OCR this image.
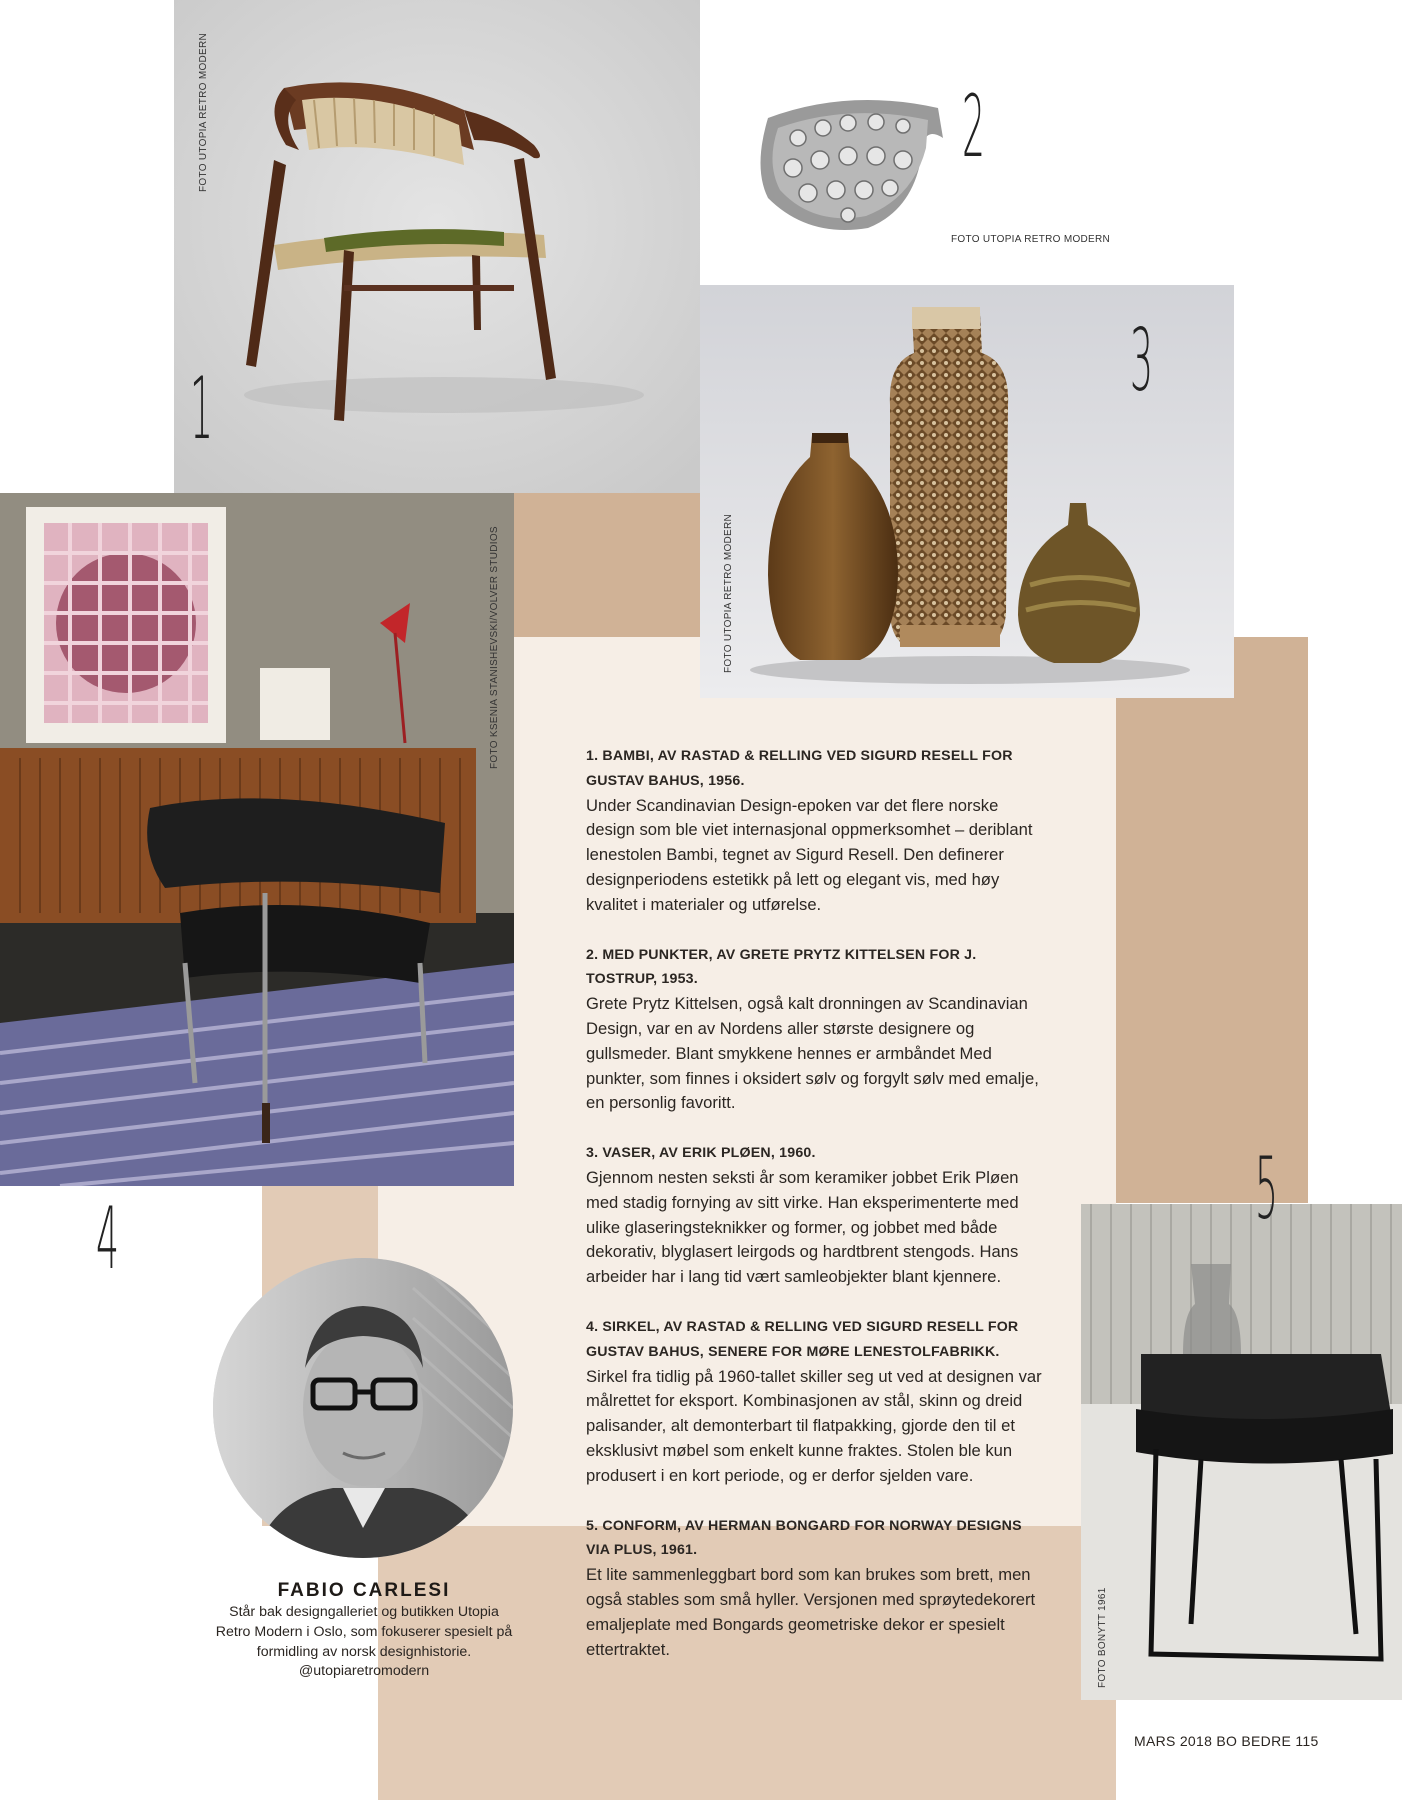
FOTO UTOPIA RETRO MODERN
1
2
FOTO UTOPIA RETRO MODERN
3
FOTO UTOPIA RETRO MODERN
FOTO KSENIA STANISHEVSKI/VOLVER STUDIOS
4	5
FOTO BONYTT 1961
1. BAMBI, AV RASTAD & RELLING VED SIGURD RESELL FOR GUSTAV BAHUS, 1956.
Under Scandinavian Design-epoken var det flere norske design som ble viet internasjonal oppmerksomhet – deriblant lenestolen Bambi, tegnet av Sigurd Resell. Den definerer designperiodens estetikk på lett og elegant vis, med høy kvalitet i materialer og utførelse.
2. MED PUNKTER, AV GRETE PRYTZ KITTELSEN FOR J. TOSTRUP, 1953.
Grete Prytz Kittelsen, også kalt dronningen av Scandinavian Design, var en av Nordens aller største designere og gullsmeder. Blant smykkene hennes er armbåndet Med punkter, som finnes i oksidert sølv og forgylt sølv med emalje, en personlig favoritt.
3. VASER, AV ERIK PLØEN, 1960.
Gjennom nesten seksti år som keramiker jobbet Erik Pløen med stadig fornying av sitt virke. Han eksperimenterte med ulike glaseringsteknikker og former, og jobbet med både dekorativ, blyglasert leirgods og hardtbrent stengods. Hans arbeider har i lang tid vært samleobjekter blant kjennere.
4. SIRKEL, AV RASTAD & RELLING VED SIGURD RESELL FOR GUSTAV BAHUS, SENERE FOR MØRE LENESTOLFABRIKK.
Sirkel fra tidlig på 1960-tallet skiller seg ut ved at designen var målrettet for eksport. Kombinasjonen av stål, skinn og dreid palisander, alt demonterbart til flatpakking, gjorde den til et eksklusivt møbel som enkelt kunne fraktes. Stolen ble kun produsert i en kort periode, og er derfor sjelden vare.
5. CONFORM, AV HERMAN BONGARD FOR NORWAY DESIGNS VIA PLUS, 1961.
Et lite sammenleggbart bord som kan brukes som brett, men også stables som små hyller. Versjonen med sprøytedekorert emaljeplate med Bongards geometriske dekor er spesielt ettertraktet.
FABIO CARLESI
Står bak designgalleriet og butikken Utopia Retro Modern i Oslo, som fokuserer spesielt på formidling av norsk designhistorie. @utopiaretromodern
MARS 2018 BO BEDRE 115
